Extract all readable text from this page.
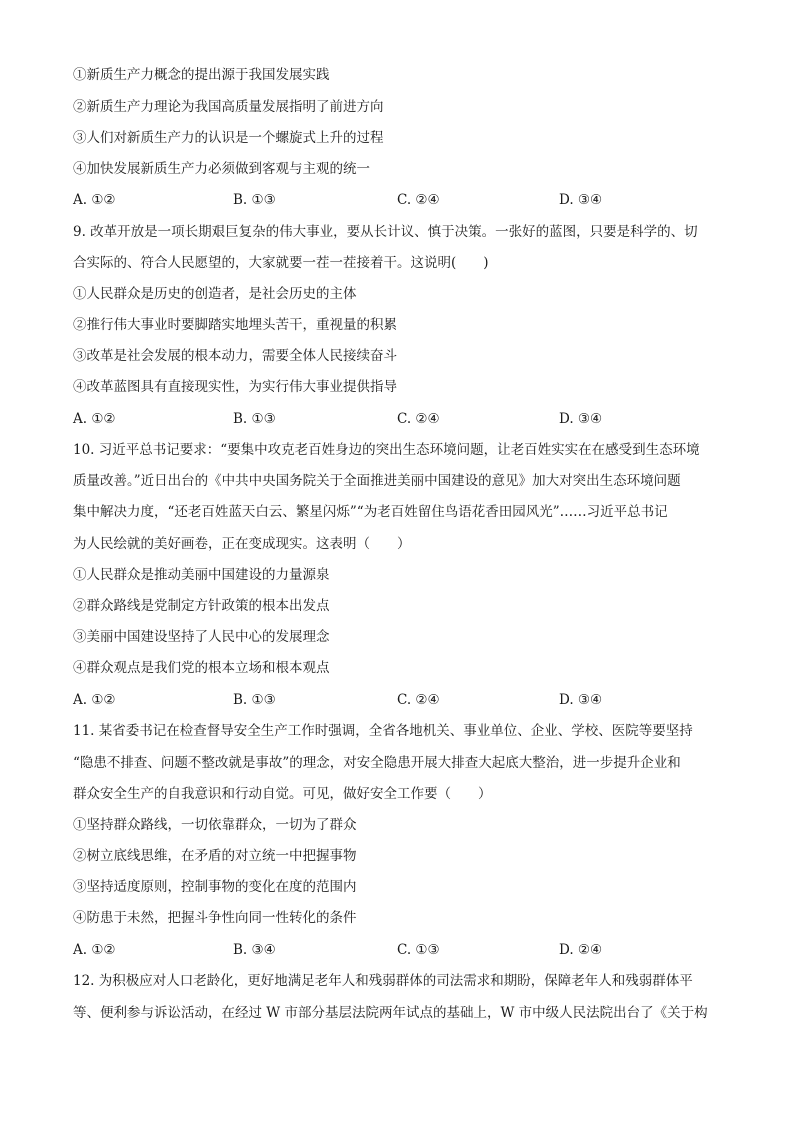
①新质生产力概念的提出源于我国发展实践
②新质生产力理论为我国高质量发展指明了前进方向
③人们对新质生产力的认识是一个螺旋式上升的过程
④加快发展新质生产力必须做到客观与主观的统一
A. ①②	B. ①③	C. ②④	D. ③④
9. 改革开放是一项长期艰巨复杂的伟大事业，要从长计议、慎于决策。一张好的蓝图，只要是科学的、切
合实际的、符合人民愿望的，大家就要一茬一茬接着干。这说明(　　)
①人民群众是历史的创造者，是社会历史的主体
②推行伟大事业时要脚踏实地埋头苦干，重视量的积累
③改革是社会发展的根本动力，需要全体人民接续奋斗
④改革蓝图具有直接现实性，为实行伟大事业提供指导
A. ①②	B. ①③	C. ②④	D. ③④
10. 习近平总书记要求：“要集中攻克老百姓身边的突出生态环境问题，让老百姓实实在在感受到生态环境
质量改善。”近日出台的《中共中央国务院关于全面推进美丽中国建设的意见》加大对突出生态环境问题
集中解决力度，“还老百姓蓝天白云、繁星闪烁”“为老百姓留住鸟语花香田园风光”……习近平总书记
为人民绘就的美好画卷，正在变成现实。这表明（　　）
①人民群众是推动美丽中国建设的力量源泉
②群众路线是党制定方针政策的根本出发点
③美丽中国建设坚持了人民中心的发展理念
④群众观点是我们党的根本立场和根本观点
A. ①②	B. ①③	C. ②④	D. ③④
11. 某省委书记在检查督导安全生产工作时强调，全省各地机关、事业单位、企业、学校、医院等要坚持
“隐患不排查、问题不整改就是事故”的理念，对安全隐患开展大排查大起底大整治，进一步提升企业和
群众安全生产的自我意识和行动自觉。可见，做好安全工作要（　　）
①坚持群众路线，一切依靠群众，一切为了群众
②树立底线思维，在矛盾的对立统一中把握事物
③坚持适度原则，控制事物的变化在度的范围内
④防患于未然，把握斗争性向同一性转化的条件
A. ①②	B. ③④	C. ①③	D. ②④
12. 为积极应对人口老龄化，更好地满足老年人和残弱群体的司法需求和期盼，保障老年人和残弱群体平
等、便利参与诉讼活动，在经过 W 市部分基层法院两年试点的基础上，W 市中级人民法院出台了《关于构
